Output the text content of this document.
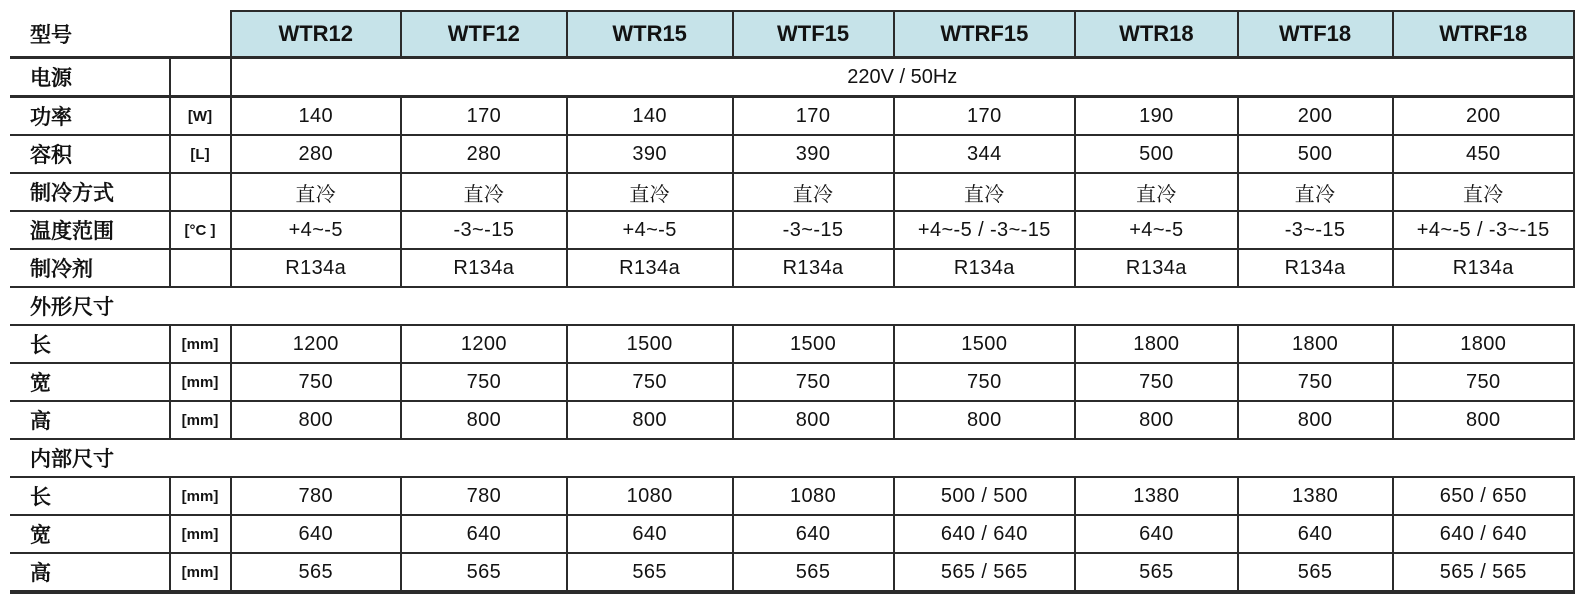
型号		WTR12	WTF12	WTR15	WTF15	WTRF15	WTR18	WTF18	WTRF18
电源		220V / 50Hz							
功率	[W]	140	170	140	170	170	190	200	200
容积	[L]	280	280	390	390	344	500	500	450
制冷方式		直冷	直冷	直冷	直冷	直冷	直冷	直冷	直冷
温度范围	[°C ]	+4~-5	-3~-15	+4~-5	-3~-15	+4~-5 / -3~-15	+4~-5	-3~-15	+4~-5 / -3~-15
制冷剂		R134a	R134a	R134a	R134a	R134a	R134a	R134a	R134a
外形尺寸									
长	[mm]	1200	1200	1500	1500	1500	1800	1800	1800
宽	[mm]	750	750	750	750	750	750	750	750
高	[mm]	800	800	800	800	800	800	800	800
内部尺寸									
长	[mm]	780	780	1080	1080	500 / 500	1380	1380	650 / 650
宽	[mm]	640	640	640	640	640 / 640	640	640	640 / 640
高	[mm]	565	565	565	565	565 / 565	565	565	565 / 565
